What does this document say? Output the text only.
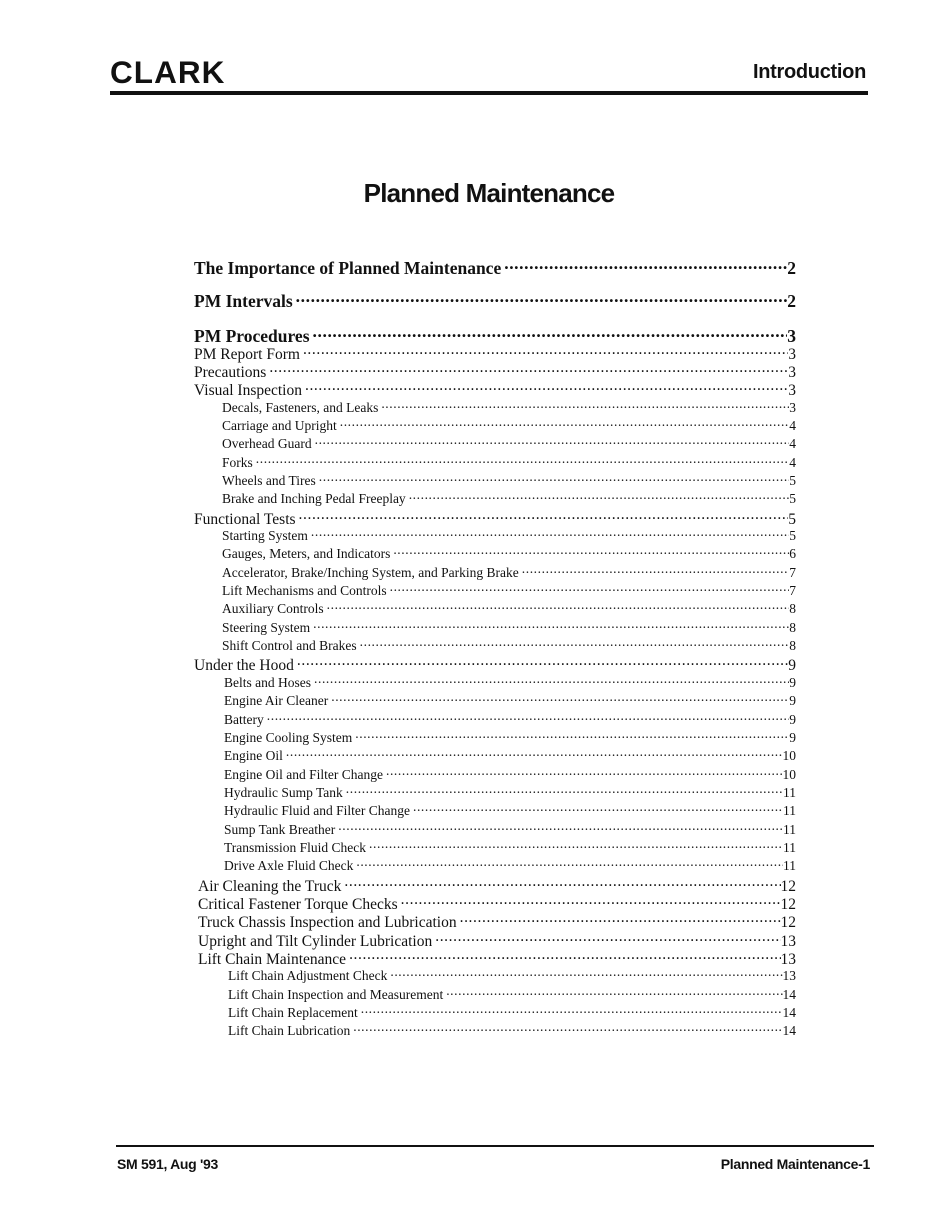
CLARK	Introduction
Planned Maintenance
The Importance of Planned Maintenance .....	2
PM Intervals .....	2
PM Procedures .....	3
PM Report Form .....	3
Precautions .....	3
Visual Inspection .....	3
Decals, Fasteners, and Leaks .....	3
Carriage and Upright .....	4
Overhead Guard .....	4
Forks .....	4
Wheels and Tires .....	5
Brake and Inching Pedal Freeplay .....	5
Functional Tests .....	5
Starting System .....	5
Gauges, Meters, and Indicators .....	6
Accelerator, Brake/Inching System, and Parking Brake .....	7
Lift Mechanisms and Controls .....	7
Auxiliary Controls .....	8
Steering System .....	8
Shift Control and Brakes .....	8
Under the Hood .....	9
Belts and Hoses .....	9
Engine Air Cleaner .....	9
Battery .....	9
Engine Cooling System .....	9
Engine Oil .....	10
Engine Oil and Filter Change .....	10
Hydraulic Sump Tank .....	11
Hydraulic Fluid and Filter Change .....	11
Sump Tank Breather .....	11
Transmission Fluid Check .....	11
Drive Axle Fluid Check .....	11
Air Cleaning the Truck .....	12
Critical Fastener Torque Checks .....	12
Truck Chassis Inspection and Lubrication .....	12
Upright and Tilt Cylinder Lubrication .....	13
Lift Chain Maintenance .....	13
Lift Chain Adjustment Check .....	13
Lift Chain Inspection and Measurement .....	14
Lift Chain Replacement .....	14
Lift Chain Lubrication .....	14
SM 591, Aug '93	Planned Maintenance-1
